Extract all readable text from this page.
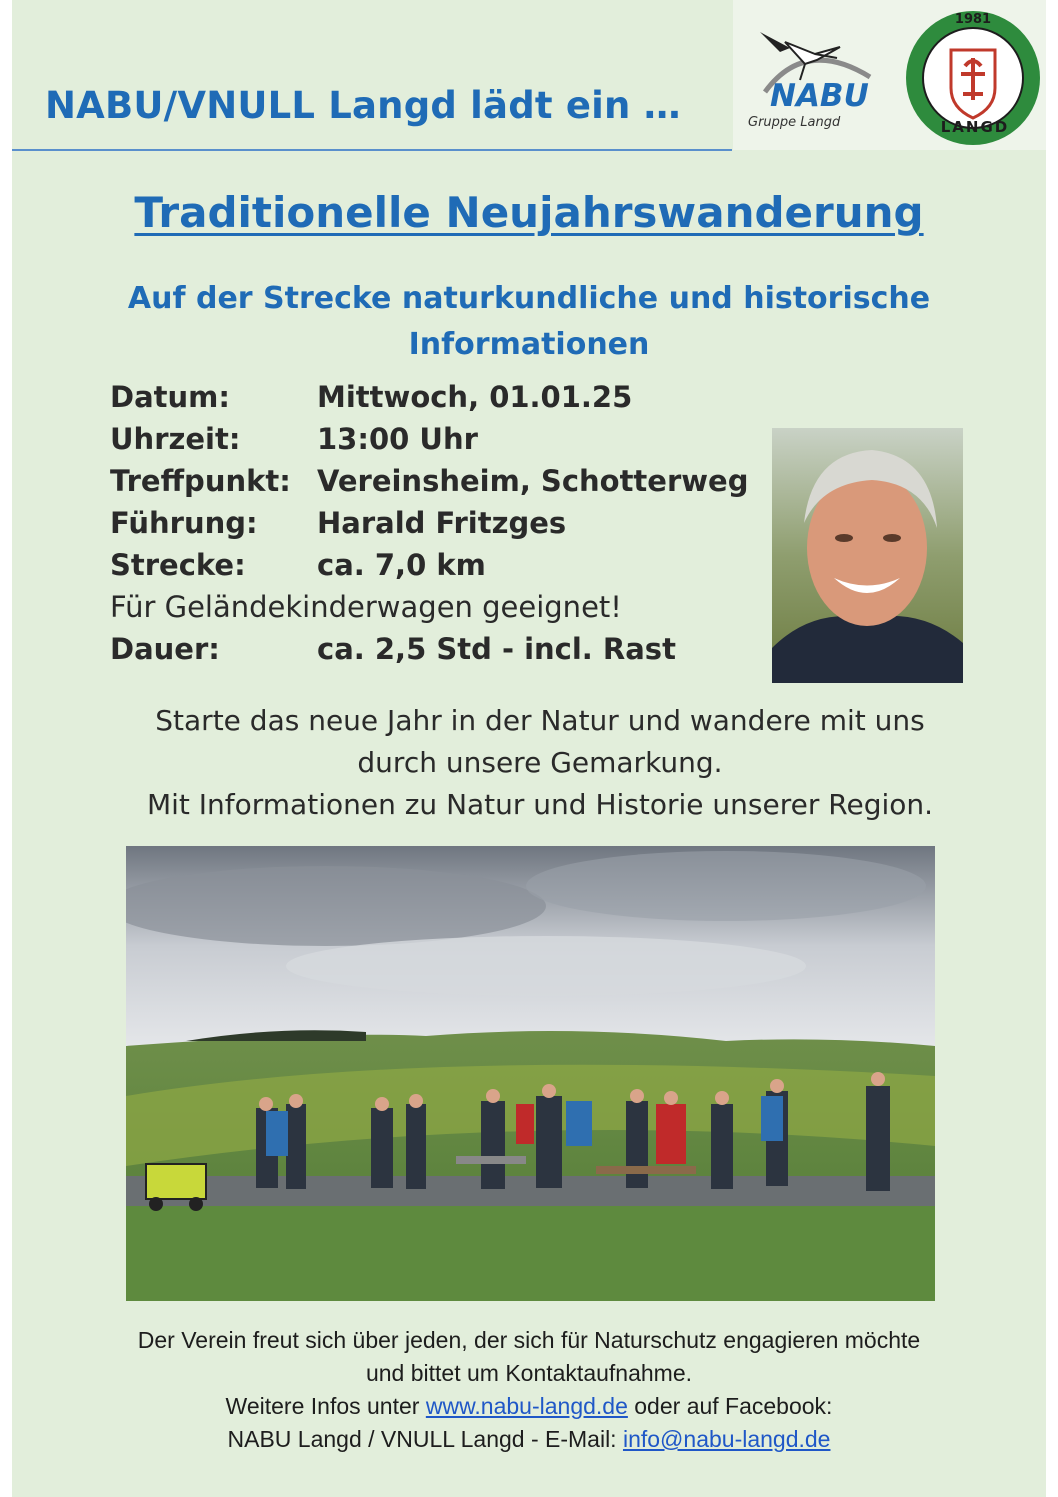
NABU/VNULL Langd lädt ein …	NABU
Gruppe Langd
1981
LANGD
Traditionelle Neujahrswanderung
Auf der Strecke naturkundliche und historische
Informationen
Datum:	Mittwoch, 01.01.25
Uhrzeit:	13:00 Uhr
Treffpunkt: Vereinsheim, Schotterweg
Führung: Harald Fritzges
Strecke: ca. 7,0 km
Für Geländekinderwagen geeignet!
Dauer:	ca. 2,5 Std - incl. Rast
Starte das neue Jahr in der Natur und wandere mit uns
durch unsere Gemarkung.
Mit Informationen zu Natur und Historie unserer Region.
Der Verein freut sich über jeden, der sich für Naturschutz engagieren möchte
und bittet um Kontaktaufnahme.
Weitere Infos unter www.nabu-langd.de oder auf Facebook:
NABU Langd / VNULL Langd - E-Mail: info@nabu-langd.de
